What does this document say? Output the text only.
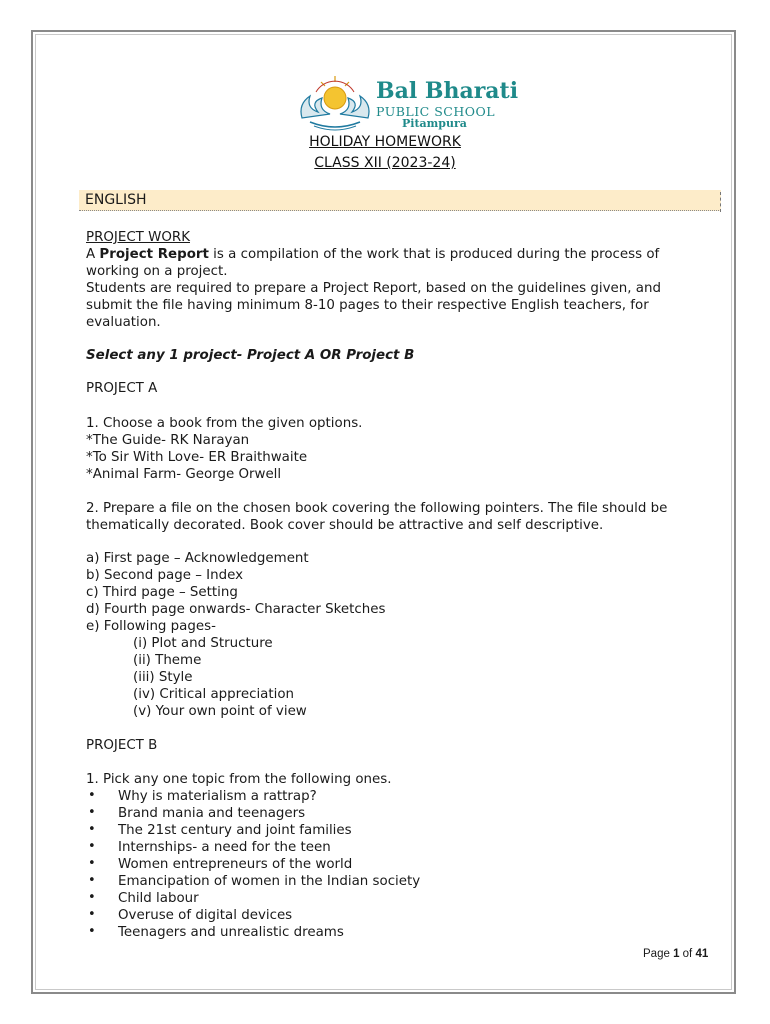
Bal Bharati
PUBLIC SCHOOL
Pitampura
HOLIDAY HOMEWORK
CLASS XII (2023-24)
ENGLISH
PROJECT WORK
A Project Report is a compilation of the work that is produced during the process of
working on a project.
Students are required to prepare a Project Report, based on the guidelines given, and
submit the file having minimum 8-10 pages to their respective English teachers, for
evaluation.
Select any 1 project- Project A OR Project B
PROJECT A
1. Choose a book from the given options.
*The Guide- RK Narayan
*To Sir With Love- ER Braithwaite
*Animal Farm- George Orwell
2. Prepare a file on the chosen book covering the following pointers. The file should be
thematically decorated. Book cover should be attractive and self descriptive.
a) First page – Acknowledgement
b) Second page – Index
c) Third page – Setting
d) Fourth page onwards- Character Sketches
e) Following pages-
(i) Plot and Structure
(ii) Theme
(iii) Style
(iv) Critical appreciation
(v) Your own point of view
PROJECT B
1. Pick any one topic from the following ones.
• Why is materialism a rattrap?
• Brand mania and teenagers
• The 21st century and joint families
• Internships- a need for the teen
• Women entrepreneurs of the world
• Emancipation of women in the Indian society
• Child labour
• Overuse of digital devices
• Teenagers and unrealistic dreams
Page 1 of 41
